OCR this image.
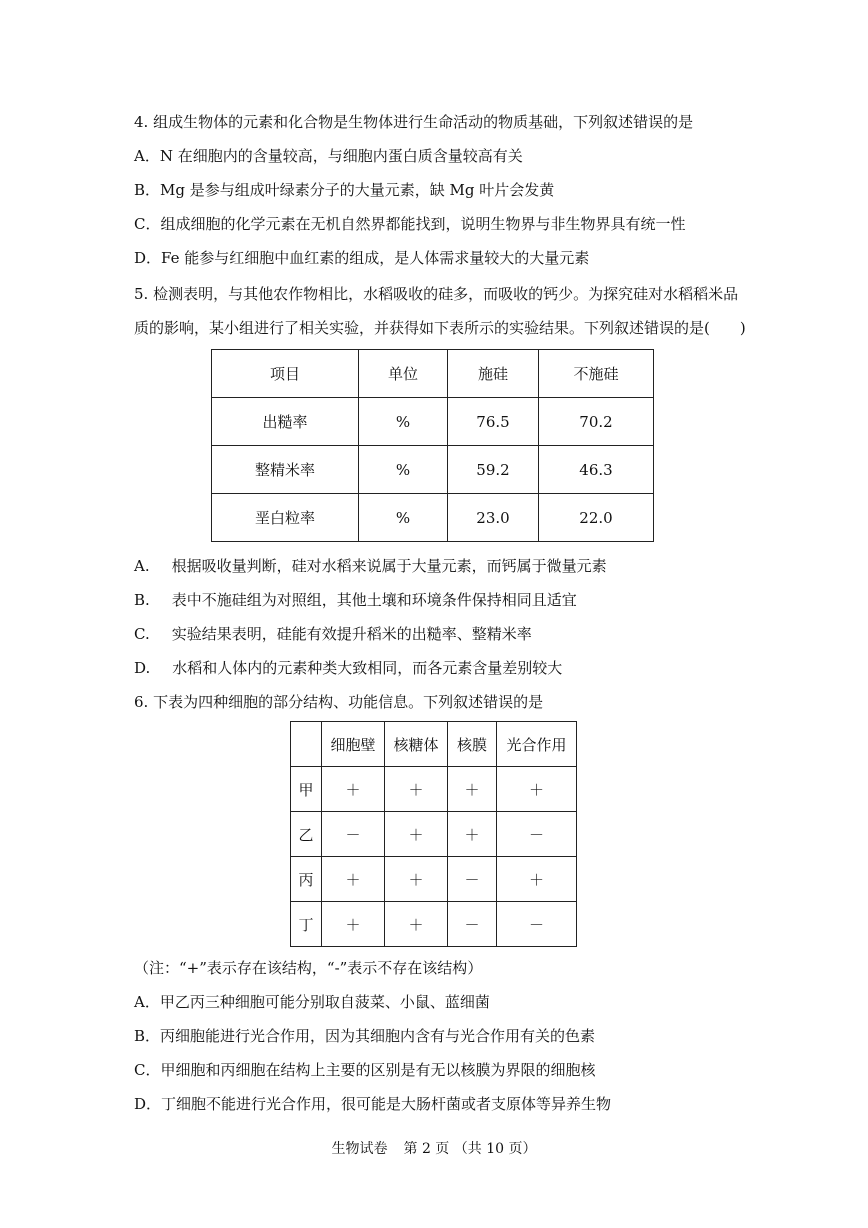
4. 组成生物体的元素和化合物是生物体进行生命活动的物质基础，下列叙述错误的是
A．N 在细胞内的含量较高，与细胞内蛋白质含量较高有关
B．Mg 是参与组成叶绿素分子的大量元素，缺 Mg 叶片会发黄
C．组成细胞的化学元素在无机自然界都能找到，说明生物界与非生物界具有统一性
D．Fe 能参与红细胞中血红素的组成，是人体需求量较大的大量元素
5. 检测表明，与其他农作物相比，水稻吸收的硅多，而吸收的钙少。为探究硅对水稻稻米品
质的影响，某小组进行了相关实验，并获得如下表所示的实验结果。下列叙述错误的是(　　)
项目	单位	施硅	不施硅
出糙率	%	76.5	70.2
整精米率	%	59.2	46.3
垩白粒率	%	23.0	22.0
A. 根据吸收量判断，硅对水稻来说属于大量元素，而钙属于微量元素
B. 表中不施硅组为对照组，其他土壤和环境条件保持相同且适宜
C. 实验结果表明，硅能有效提升稻米的出糙率、整精米率
D. 水稻和人体内的元素种类大致相同，而各元素含量差别较大
6. 下表为四种细胞的部分结构、功能信息。下列叙述错误的是
	细胞壁	核糖体	核膜	光合作用
甲	＋	＋	＋	＋
乙	－	＋	＋	－
丙	＋	＋	－	＋
丁	＋	＋	－	－
（注：“+”表示存在该结构，“-”表示不存在该结构）
A．甲乙丙三种细胞可能分别取自菠菜、小鼠、蓝细菌
B．丙细胞能进行光合作用，因为其细胞内含有与光合作用有关的色素
C．甲细胞和丙细胞在结构上主要的区别是有无以核膜为界限的细胞核
D．丁细胞不能进行光合作用，很可能是大肠杆菌或者支原体等异养生物
生物试卷 第 2 页 （共 10 页）
